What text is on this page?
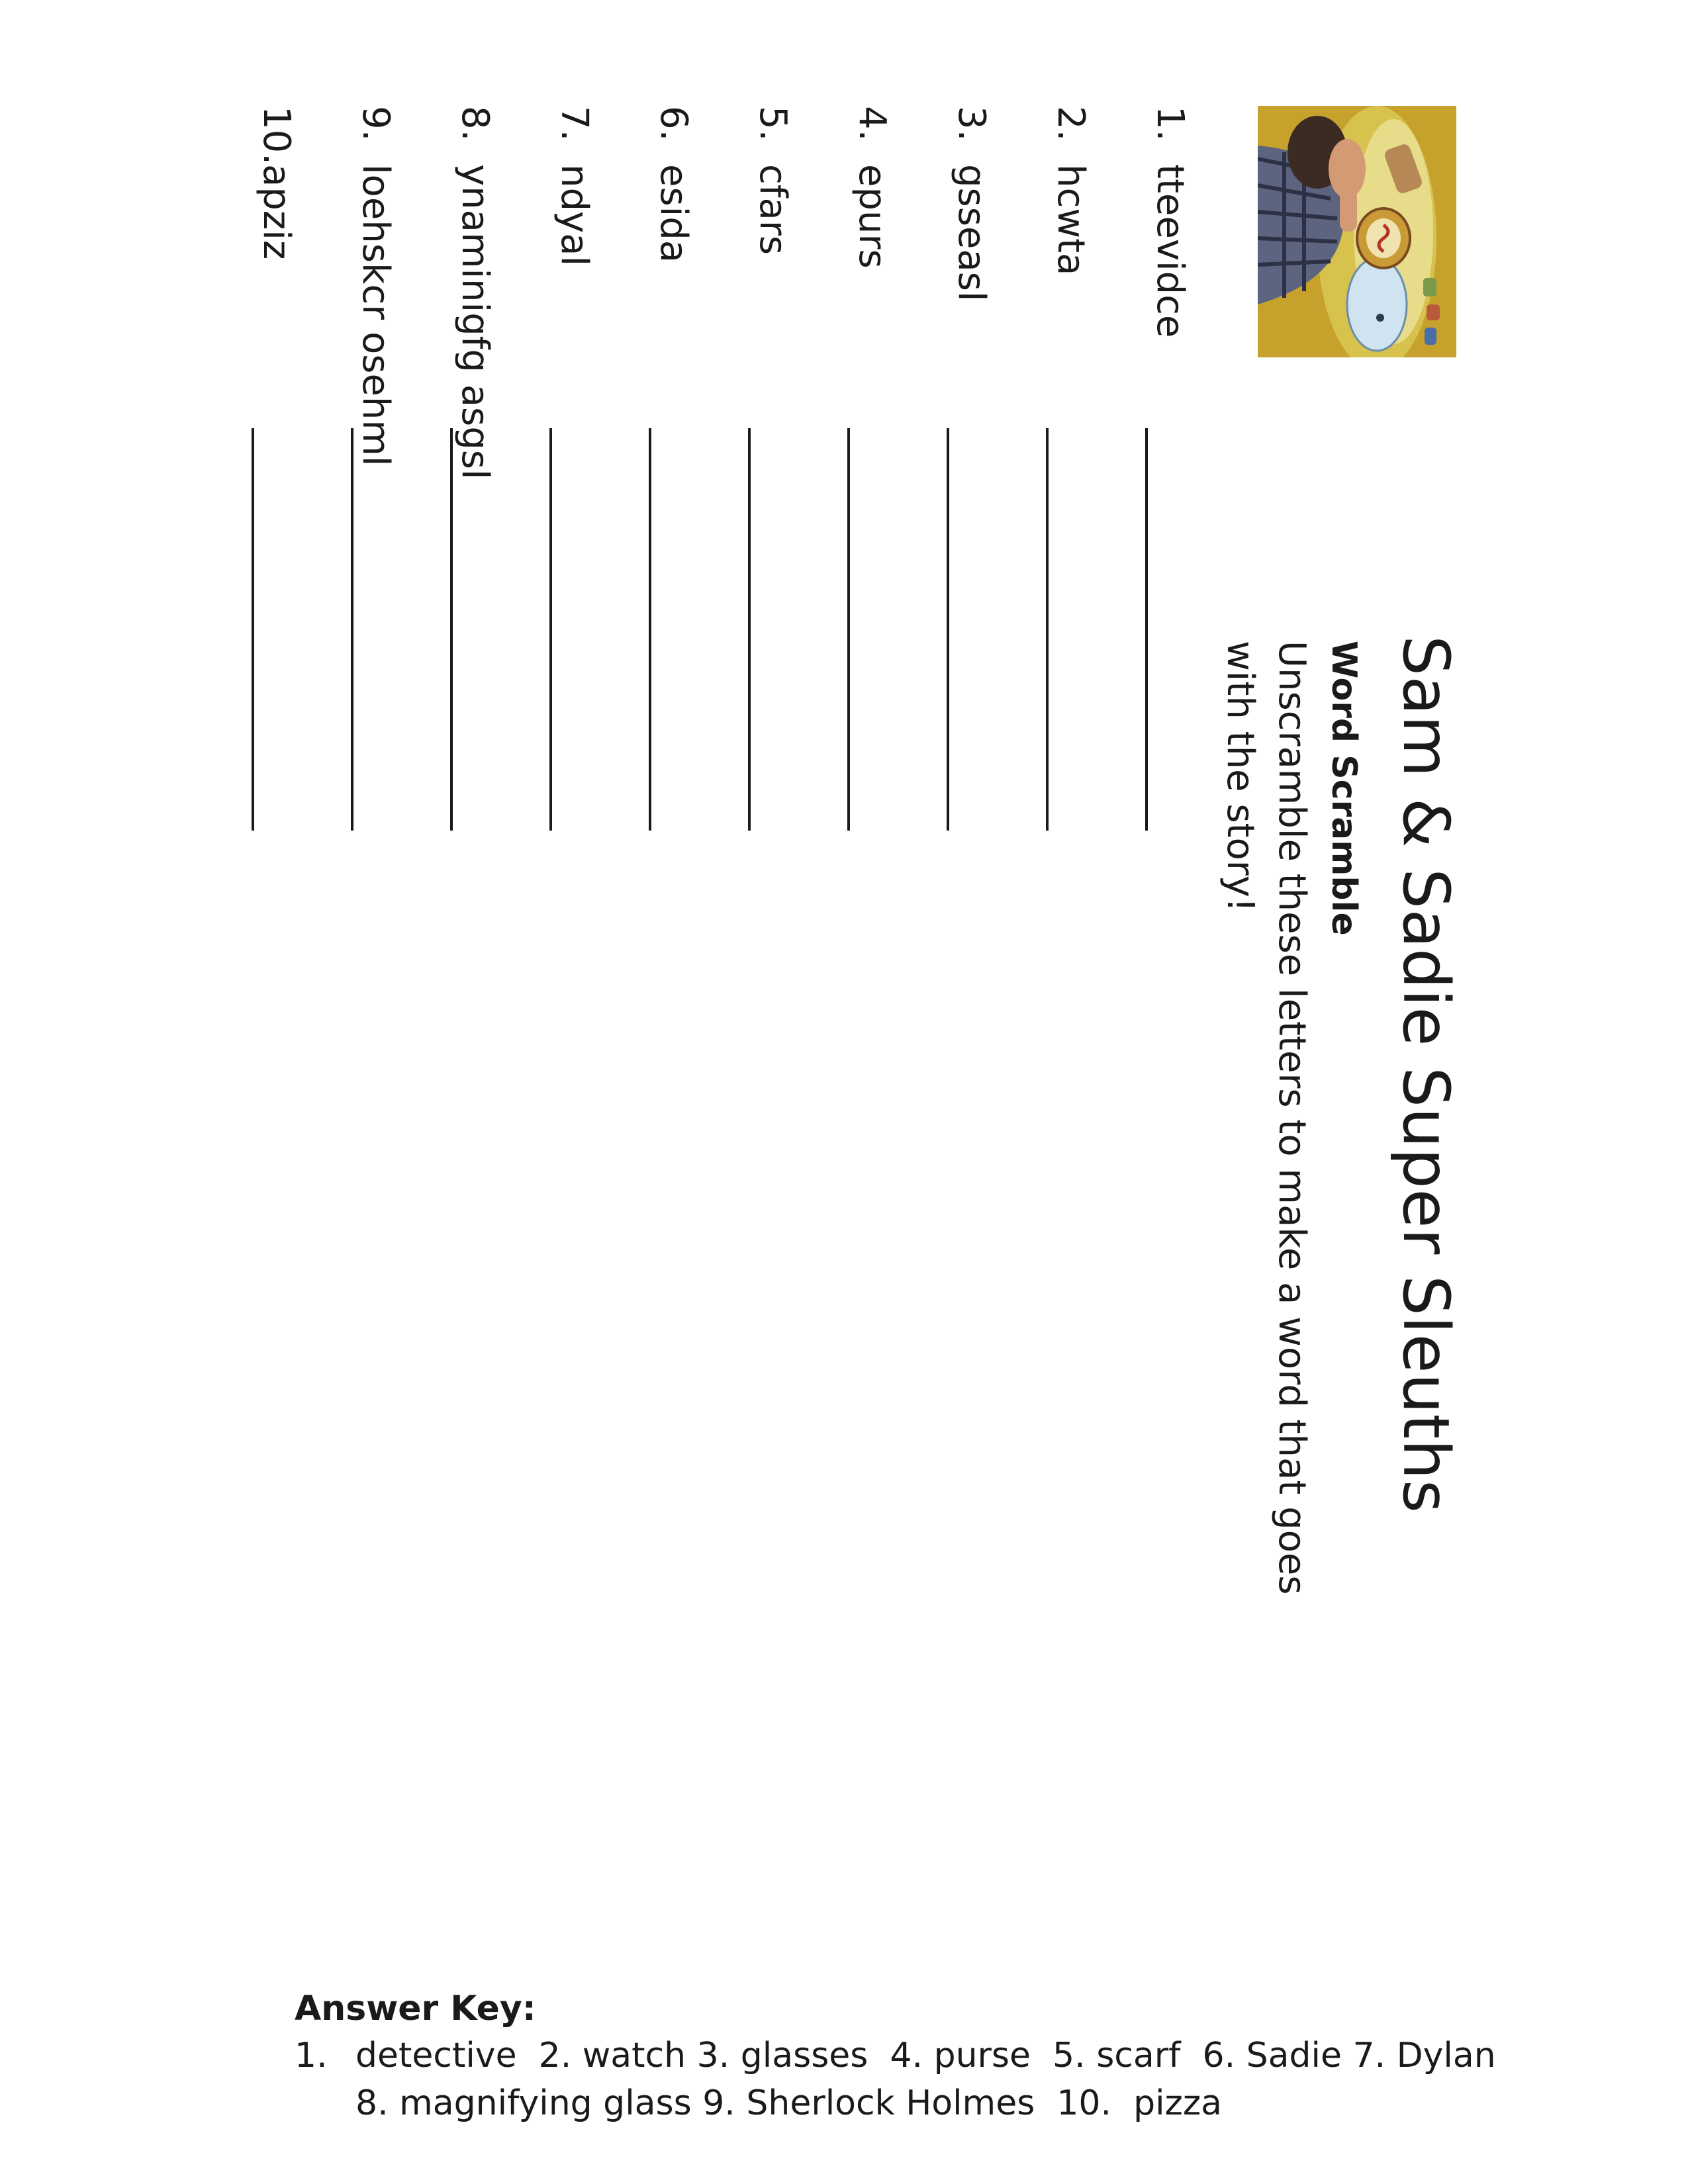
Sam & Sadie Super Sleuths
Word Scramble
Unscramble these letters to make a word that goes with the story!
1.
tteevidce
2.
hcwta
3.
gsseasl
4.
epurs
5.
cfars
6.
esida
7.
ndyal
8.
ynaminigfg asgsl
9.
loehskcr osehml
10.
apziz
Answer Key:
1. detective  2. watch 3. glasses  4. purse  5. scarf  6. Sadie 7. Dylan
8. magnifying glass 9. Sherlock Holmes  10.  pizza
